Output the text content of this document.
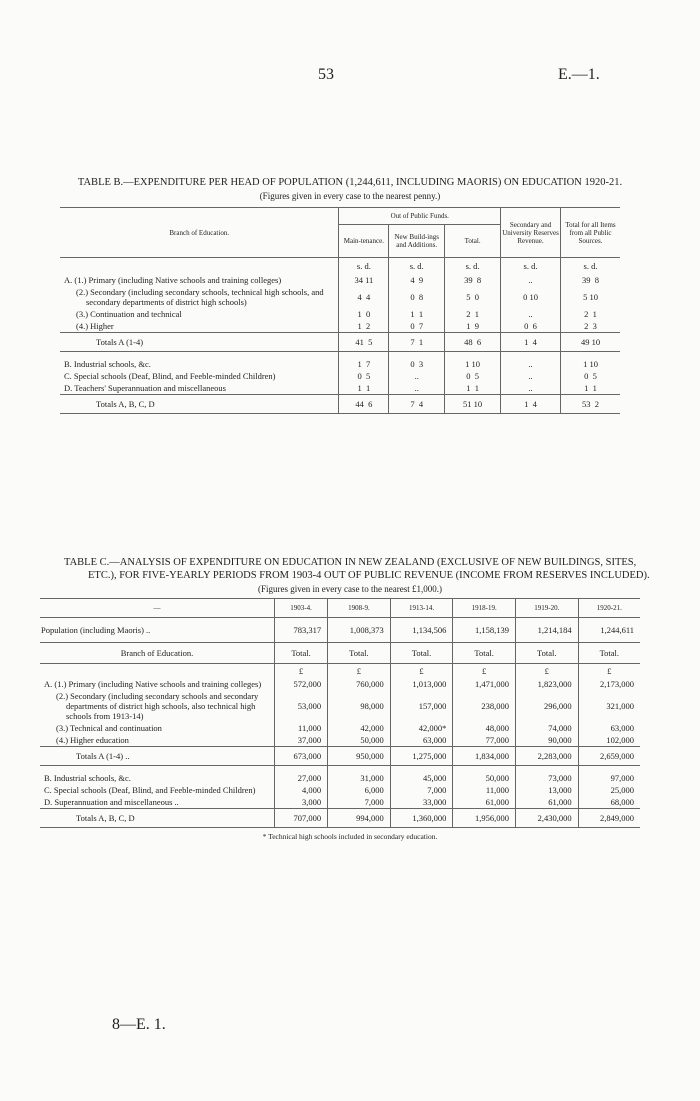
53	E.—1.
TABLE B.—EXPENDITURE PER HEAD OF POPULATION (1,244,611, INCLUDING MAORIS) ON EDUCATION 1920-21.
(Figures given in every case to the nearest penny.)
Branch of Education.	Out of Public Funds.			Secondary and University Reserves Revenue.	Total for all Items from all Public Sources.
	Main-tenance.	New Build-ings and Additions.	Total.		
	s. d.	s. d.	s. d.	s. d.	s. d.
A. (1.) Primary (including Native schools and training colleges)	34 11	4  9	39  8	..	39  8
(2.) Secondary (including secondary schools, technical high schools, and secondary departments of district high schools)	4  4	0  8	5  0	0 10	5 10
(3.) Continuation and technical	1  0	1  1	2  1	..	2  1
(4.) Higher	1  2	0  7	1  9	0  6	2  3
Totals A (1-4)	41  5	7  1	48  6	1  4	49 10

B. Industrial schools, &c.	1  7	0  3	1 10	..	1 10
C. Special schools (Deaf, Blind, and Feeble-minded Children)	0  5	..	0  5	..	0  5
D. Teachers' Superannuation and miscellaneous	1  1	..	1  1	..	1  1
Totals A, B, C, D	44  6	7  4	51 10	1  4	53  2
TABLE C.—ANALYSIS OF EXPENDITURE ON EDUCATION IN NEW ZEALAND (EXCLUSIVE OF NEW BUILDINGS, SITES, ETC.), FOR FIVE-YEARLY PERIODS FROM 1903-4 OUT OF PUBLIC REVENUE (INCOME FROM RESERVES INCLUDED).
(Figures given in every case to the nearest £1,000.)
—	1903-4.	1908-9.	1913-14.	1918-19.	1919-20.	1920-21.
Population (including Maoris) ..	783,317	1,008,373	1,134,506	1,158,139	1,214,184	1,244,611
Branch of Education.	Total.	Total.	Total.	Total.	Total.	Total.
	£	£	£	£	£	£
A. (1.) Primary (including Native schools and training colleges)	572,000	760,000	1,013,000	1,471,000	1,823,000	2,173,000
(2.) Secondary (including secondary schools and secondary departments of district high schools, also technical high schools from 1913-14)	53,000	98,000	157,000	238,000	296,000	321,000
(3.) Technical and continuation	11,000	42,000	42,000*	48,000	74,000	63,000
(4.) Higher education	37,000	50,000	63,000	77,000	90,000	102,000
Totals A (1-4) ..	673,000	950,000	1,275,000	1,834,000	2,283,000	2,659,000

B. Industrial schools, &c.	27,000	31,000	45,000	50,000	73,000	97,000
C. Special schools (Deaf, Blind, and Feeble-minded Children)	4,000	6,000	7,000	11,000	13,000	25,000
D. Superannuation and miscellaneous ..	3,000	7,000	33,000	61,000	61,000	68,000
Totals A, B, C, D	707,000	994,000	1,360,000	1,956,000	2,430,000	2,849,000
* Technical high schools included in secondary education.
8—E. 1.
